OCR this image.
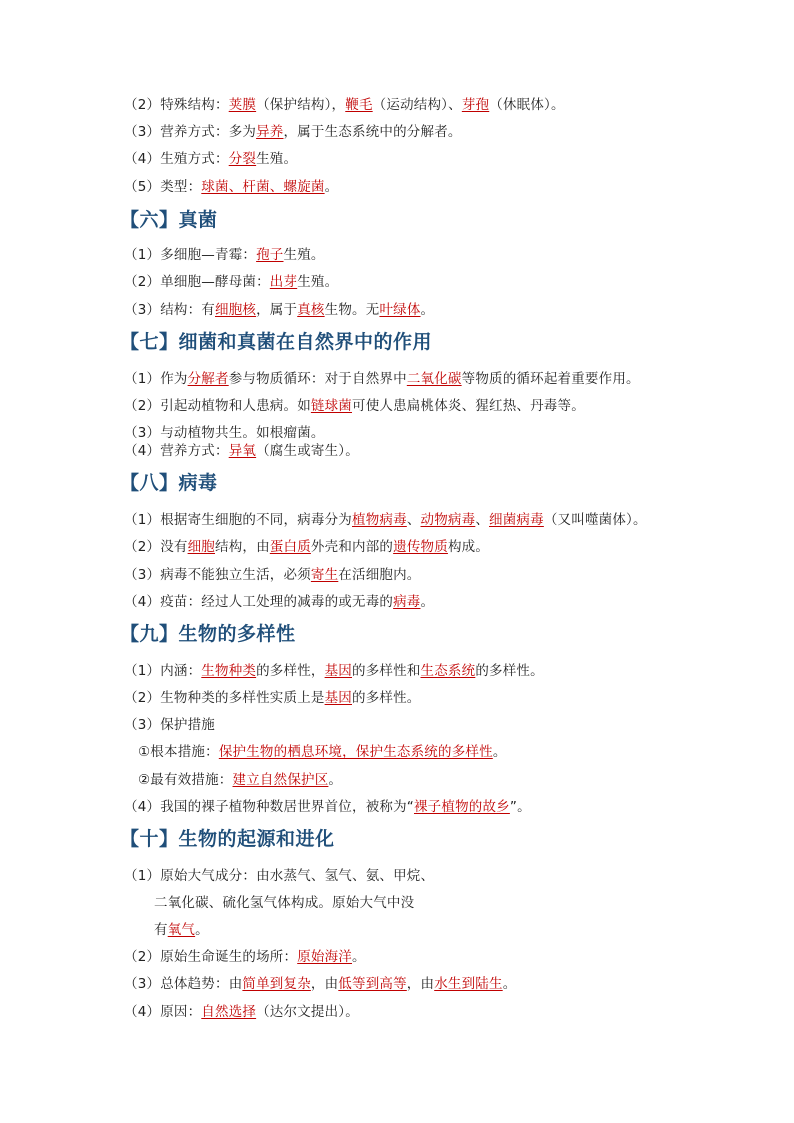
（2）特殊结构：荚膜（保护结构），鞭毛（运动结构）、芽孢（休眠体）。
（3）营养方式：多为异养，属于生态系统中的分解者。
（4）生殖方式：分裂生殖。
（5）类型：球菌、杆菌、螺旋菌。
【六】真菌
（1）多细胞—青霉：孢子生殖。
（2）单细胞—酵母菌：出芽生殖。
（3）结构：有细胞核，属于真核生物。无叶绿体。
【七】细菌和真菌在自然界中的作用
（1）作为分解者参与物质循环：对于自然界中二氧化碳等物质的循环起着重要作用。
（2）引起动植物和人患病。如链球菌可使人患扁桃体炎、猩红热、丹毒等。
（3）与动植物共生。如根瘤菌。
（4）营养方式：异氧（腐生或寄生）。
【八】病毒
（1）根据寄生细胞的不同，病毒分为植物病毒、动物病毒、细菌病毒（又叫噬菌体）。
（2）没有细胞结构，由蛋白质外壳和内部的遗传物质构成。
（3）病毒不能独立生活，必须寄生在活细胞内。
（4）疫苗：经过人工处理的减毒的或无毒的病毒。
【九】生物的多样性
（1）内涵：生物种类的多样性，基因的多样性和生态系统的多样性。
（2）生物种类的多样性实质上是基因的多样性。
（3）保护措施
①根本措施：保护生物的栖息环境，保护生态系统的多样性。
②最有效措施：建立自然保护区。
（4）我国的裸子植物种数居世界首位，被称为“裸子植物的故乡”。
【十】生物的起源和进化
（1）原始大气成分：由水蒸气、氢气、氨、甲烷、
二氧化碳、硫化氢气体构成。原始大气中没
有氧气。
（2）原始生命诞生的场所：原始海洋。
（3）总体趋势：由简单到复杂，由低等到高等，由水生到陆生。
（4）原因：自然选择（达尔文提出）。
